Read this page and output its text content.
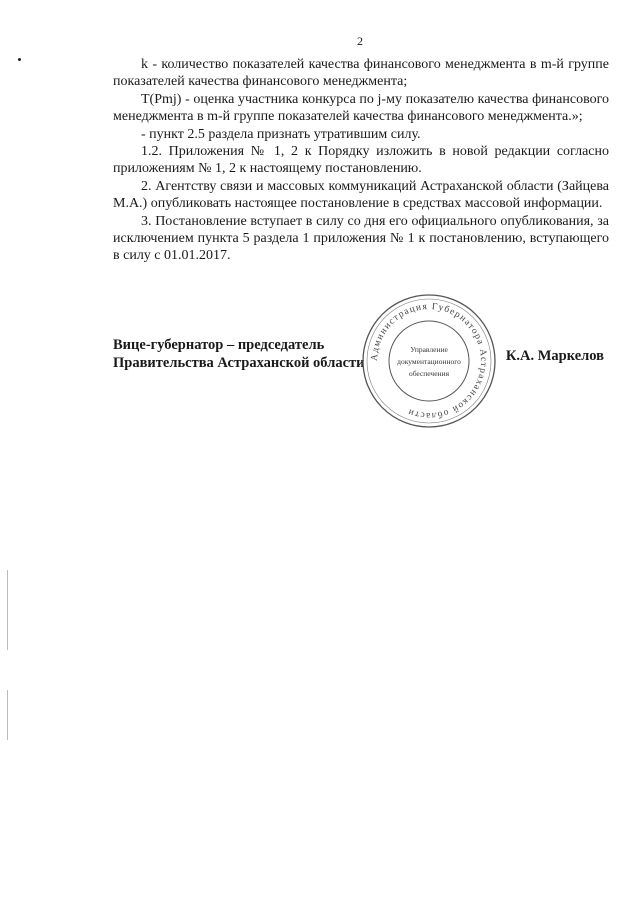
2

k - количество показателей качества финансового менеджмента в m-й группе показателей качества финансового менеджмента;

T(Pmj) - оценка участника конкурса по j-му показателю качества финансового менеджмента в m-й группе показателей качества финансового менеджмента.»;

- пункт 2.5 раздела признать утратившим силу.

1.2. Приложения № 1, 2 к Порядку изложить в новой редакции согласно приложениям № 1, 2 к настоящему постановлению.

2. Агентству связи и массовых коммуникаций Астраханской области (Зайцева М.А.) опубликовать настоящее постановление в средствах массовой информации.

3. Постановление вступает в силу со дня его официального опубликования, за исключением пункта 5 раздела 1 приложения № 1 к постановлению, вступающего в силу с 01.01.2017.

Вице-губернатор – председатель
Правительства Астраханской области Администрация Губернатора Астраханской области
Управление
документационного
обеспечения
К.А. Маркелов
